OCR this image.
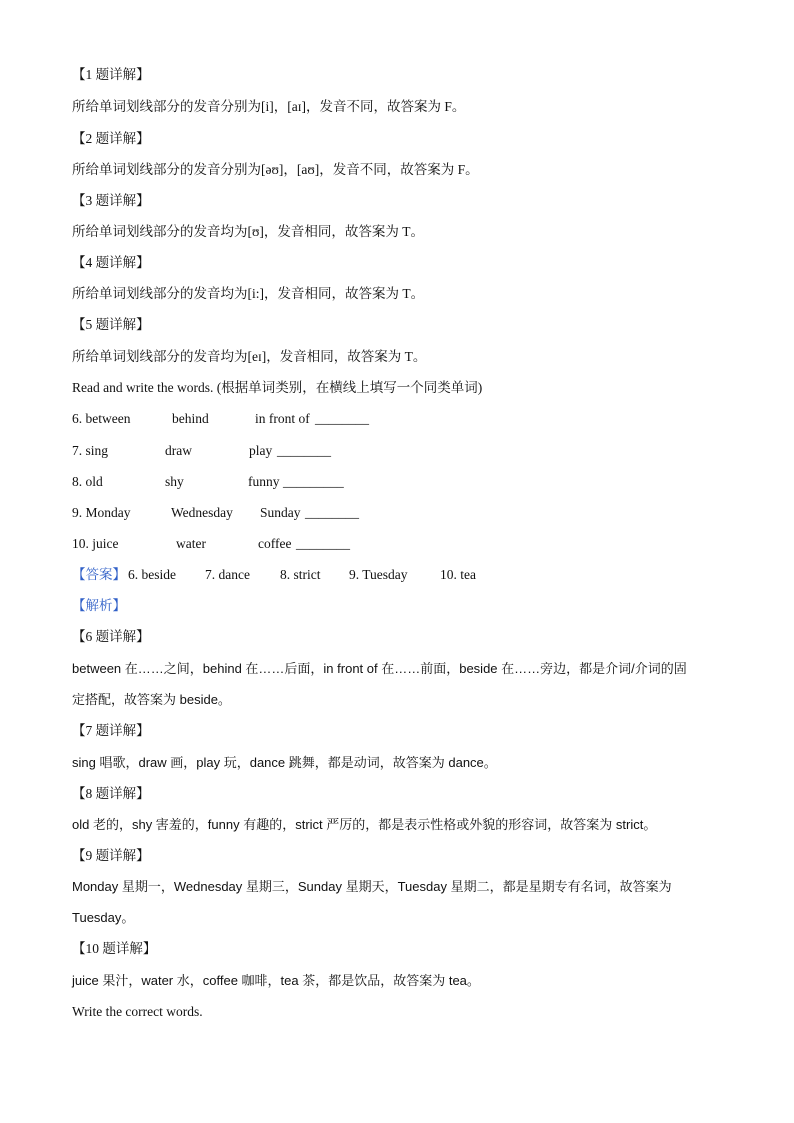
【1 题详解】
所给单词划线部分的发音分别为[i]，[aɪ]，发音不同，故答案为 F。
【2 题详解】
所给单词划线部分的发音分别为[əʊ]，[aʊ]，发音不同，故答案为 F。
【3 题详解】
所给单词划线部分的发音均为[ʊ]，发音相同，故答案为 T。
【4 题详解】
所给单词划线部分的发音均为[i:]，发音相同，故答案为 T。
【5 题详解】
所给单词划线部分的发音均为[eɪ]，发音相同，故答案为 T。
Read and write the words. (根据单词类别，在横线上填写一个同类单词)
6. between	behind	in front of ________
7. sing	draw	play ________
8. old	shy	funny _________
9. Monday	Wednesday Sunday ________
10. juice	water	coffee ________
【答案】 6. beside 7. dance 8. strict 9. Tuesday 10. tea
【解析】
【6 题详解】
between 在……之间，behind 在……后面，in front of 在……前面，beside 在……旁边，都是介词/介词的固
定搭配，故答案为 beside。
【7 题详解】
sing 唱歌，draw 画，play 玩，dance 跳舞，都是动词，故答案为 dance。
【8 题详解】
old 老的，shy 害羞的，funny 有趣的，strict 严厉的，都是表示性格或外貌的形容词，故答案为 strict。
【9 题详解】
Monday 星期一，Wednesday 星期三，Sunday 星期天，Tuesday 星期二，都是星期专有名词，故答案为
Tuesday。
【10 题详解】
juice 果汁，water 水，coffee 咖啡，tea 茶，都是饮品，故答案为 tea。
Write the correct words.
